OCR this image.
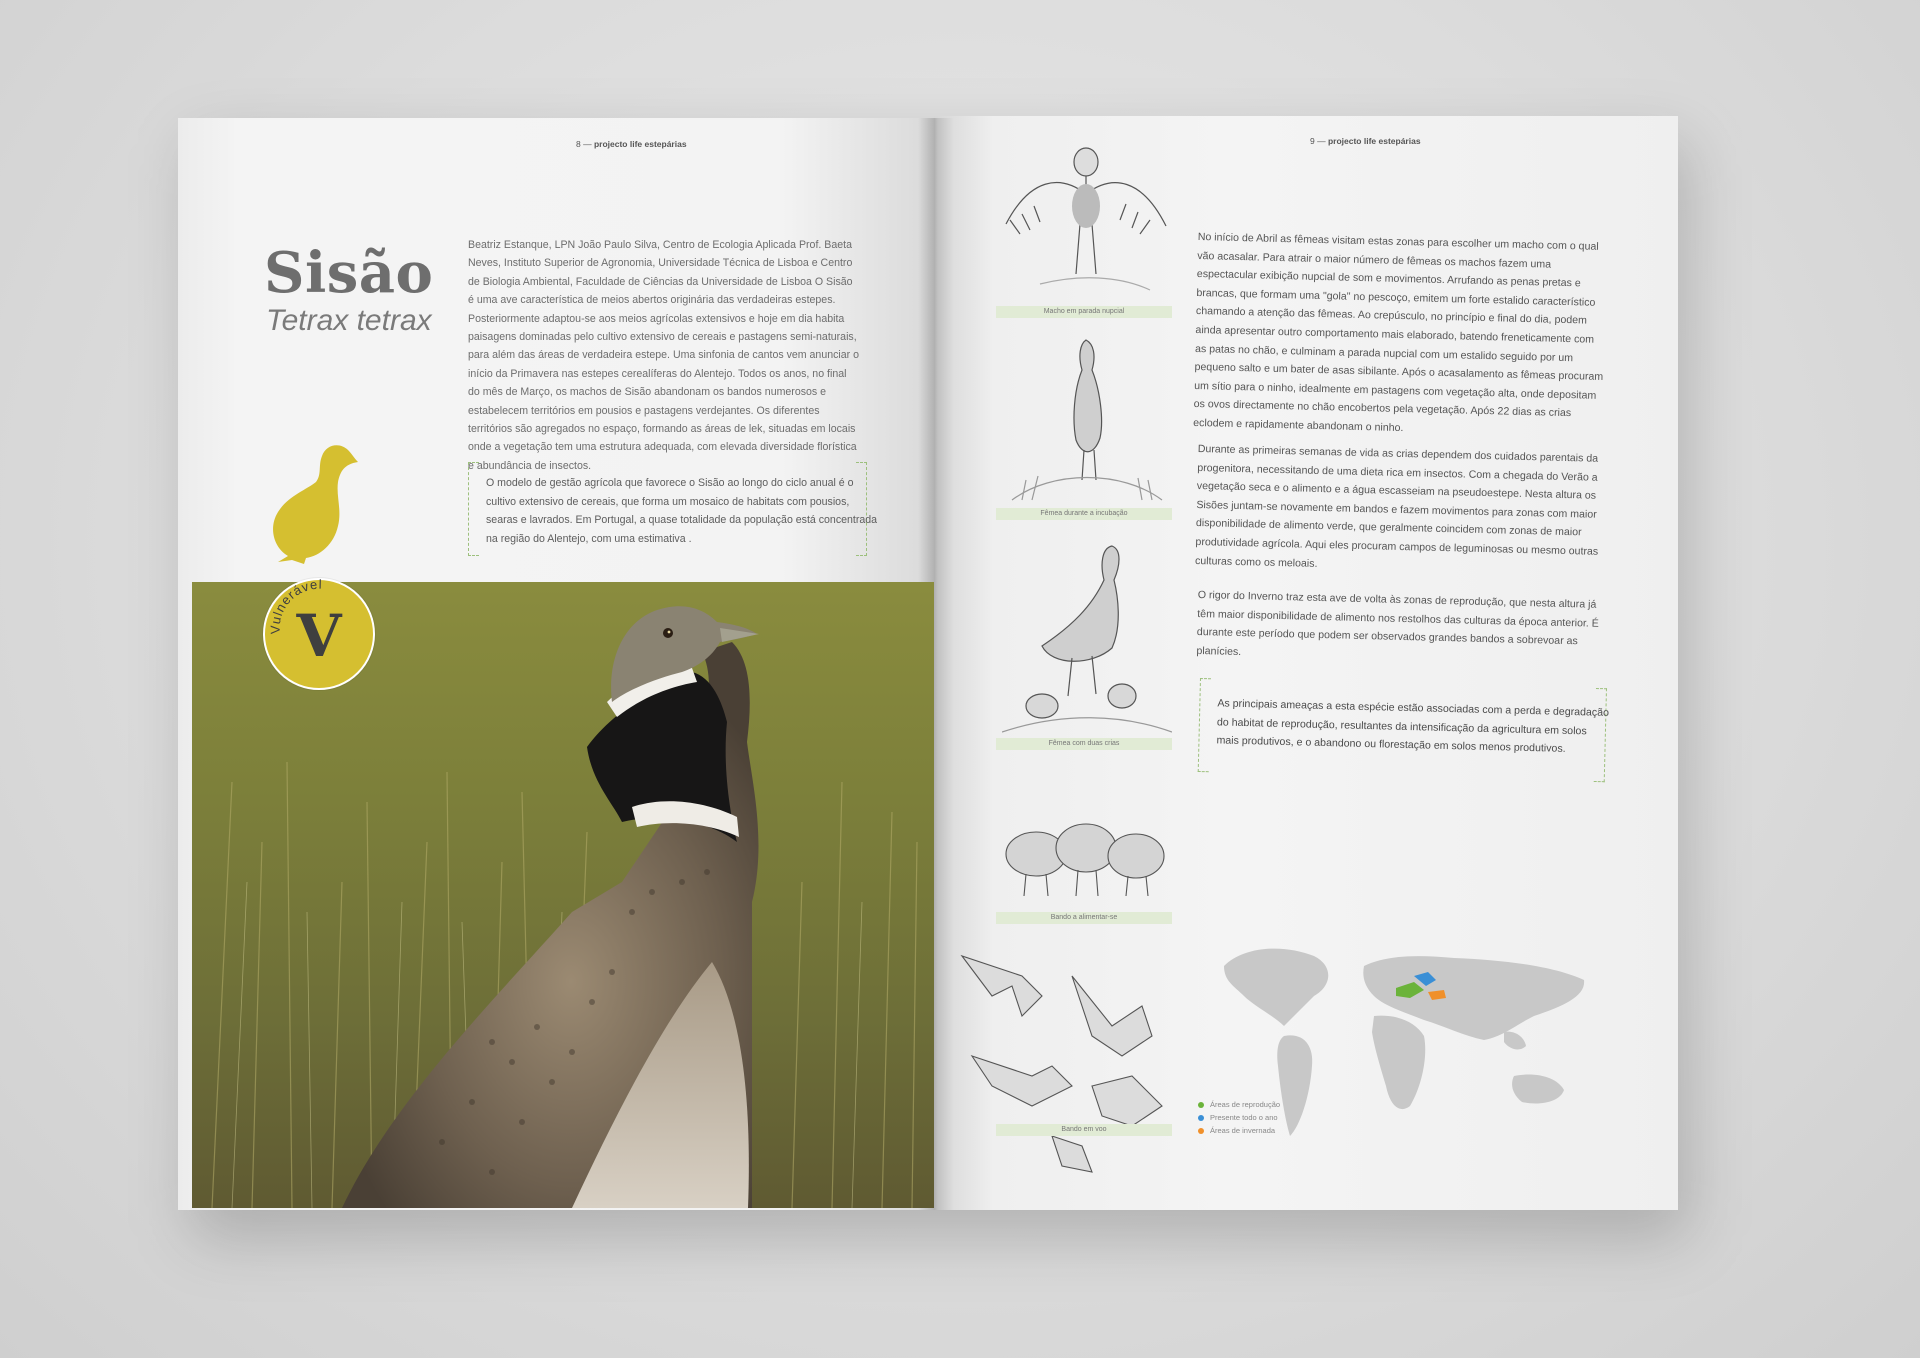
8 — projecto life estepárias
Sisão
Tetrax tetrax
Beatriz Estanque, LPN João Paulo Silva, Centro de Ecologia Aplicada Prof. Baeta Neves, Instituto Superior de Agronomia, Universidade Técnica de Lisboa e Centro de Biologia Ambiental, Faculdade de Ciências da Universidade de Lisboa O Sisão é uma ave característica de meios abertos originária das verdadeiras estepes. Posteriormente adaptou-se aos meios agrícolas extensivos e hoje em dia habita paisagens dominadas pelo cultivo extensivo de cereais e pastagens semi-naturais, para além das áreas de verdadeira estepe. Uma sinfonia de cantos vem anunciar o início da Primavera nas estepes cerealíferas do Alentejo. Todos os anos, no final do mês de Março, os machos de Sisão abandonam os bandos numerosos e estabelecem territórios em pousios e pastagens verdejantes. Os diferentes territórios são agregados no espaço, formando as áreas de lek, situadas em locais onde a vegetação tem uma estrutura adequada, com elevada diversidade florística e abundância de insectos.
O modelo de gestão agrícola que favorece o Sisão ao longo do ciclo anual é o cultivo extensivo de cereais, que forma um mosaico de habitats com pousios, searas e lavrados. Em Portugal, a quase totalidade da população está concentrada na região do Alentejo, com uma estimativa .
V
Vulnerável
9 — projecto life estepárias
Macho em parada nupcial
Fêmea durante a incubação
Fêmea com duas crias
Bando a alimentar-se
Bando em voo
No início de Abril as fêmeas visitam estas zonas para escolher um macho com o qual vão acasalar. Para atrair o maior número de fêmeas os machos fazem uma espectacular exibição nupcial de som e movimentos. Arrufando as penas pretas e brancas, que formam uma "gola" no pescoço, emitem um forte estalido característico chamando a atenção das fêmeas. Ao crepúsculo, no princípio e final do dia, podem ainda apresentar outro comportamento mais elaborado, batendo freneticamente com as patas no chão, e culminam a parada nupcial com um estalido seguido por um pequeno salto e um bater de asas sibilante. Após o acasalamento as fêmeas procuram um sítio para o ninho, idealmente em pastagens com vegetação alta, onde depositam os ovos directamente no chão encobertos pela vegetação. Após 22 dias as crias eclodem e rapidamente abandonam o ninho.
Durante as primeiras semanas de vida as crias dependem dos cuidados parentais da progenitora, necessitando de uma dieta rica em insectos. Com a chegada do Verão a vegetação seca e o alimento e a água escasseiam na pseudoestepe. Nesta altura os Sisões juntam-se novamente em bandos e fazem movimentos para zonas com maior disponibilidade de alimento verde, que geralmente coincidem com zonas de maior produtividade agrícola. Aqui eles procuram campos de leguminosas ou mesmo outras culturas como os meloais.
O rigor do Inverno traz esta ave de volta às zonas de reprodução, que nesta altura já têm maior disponibilidade de alimento nos restolhos das culturas da época anterior. É durante este período que podem ser observados grandes bandos a sobrevoar as planícies.
As principais ameaças a esta espécie estão associadas com a perda e degradação do habitat de reprodução, resultantes da intensificação da agricultura em solos mais produtivos, e o abandono ou florestação em solos menos produtivos.
Áreas de reprodução
Presente todo o ano
Áreas de invernada
